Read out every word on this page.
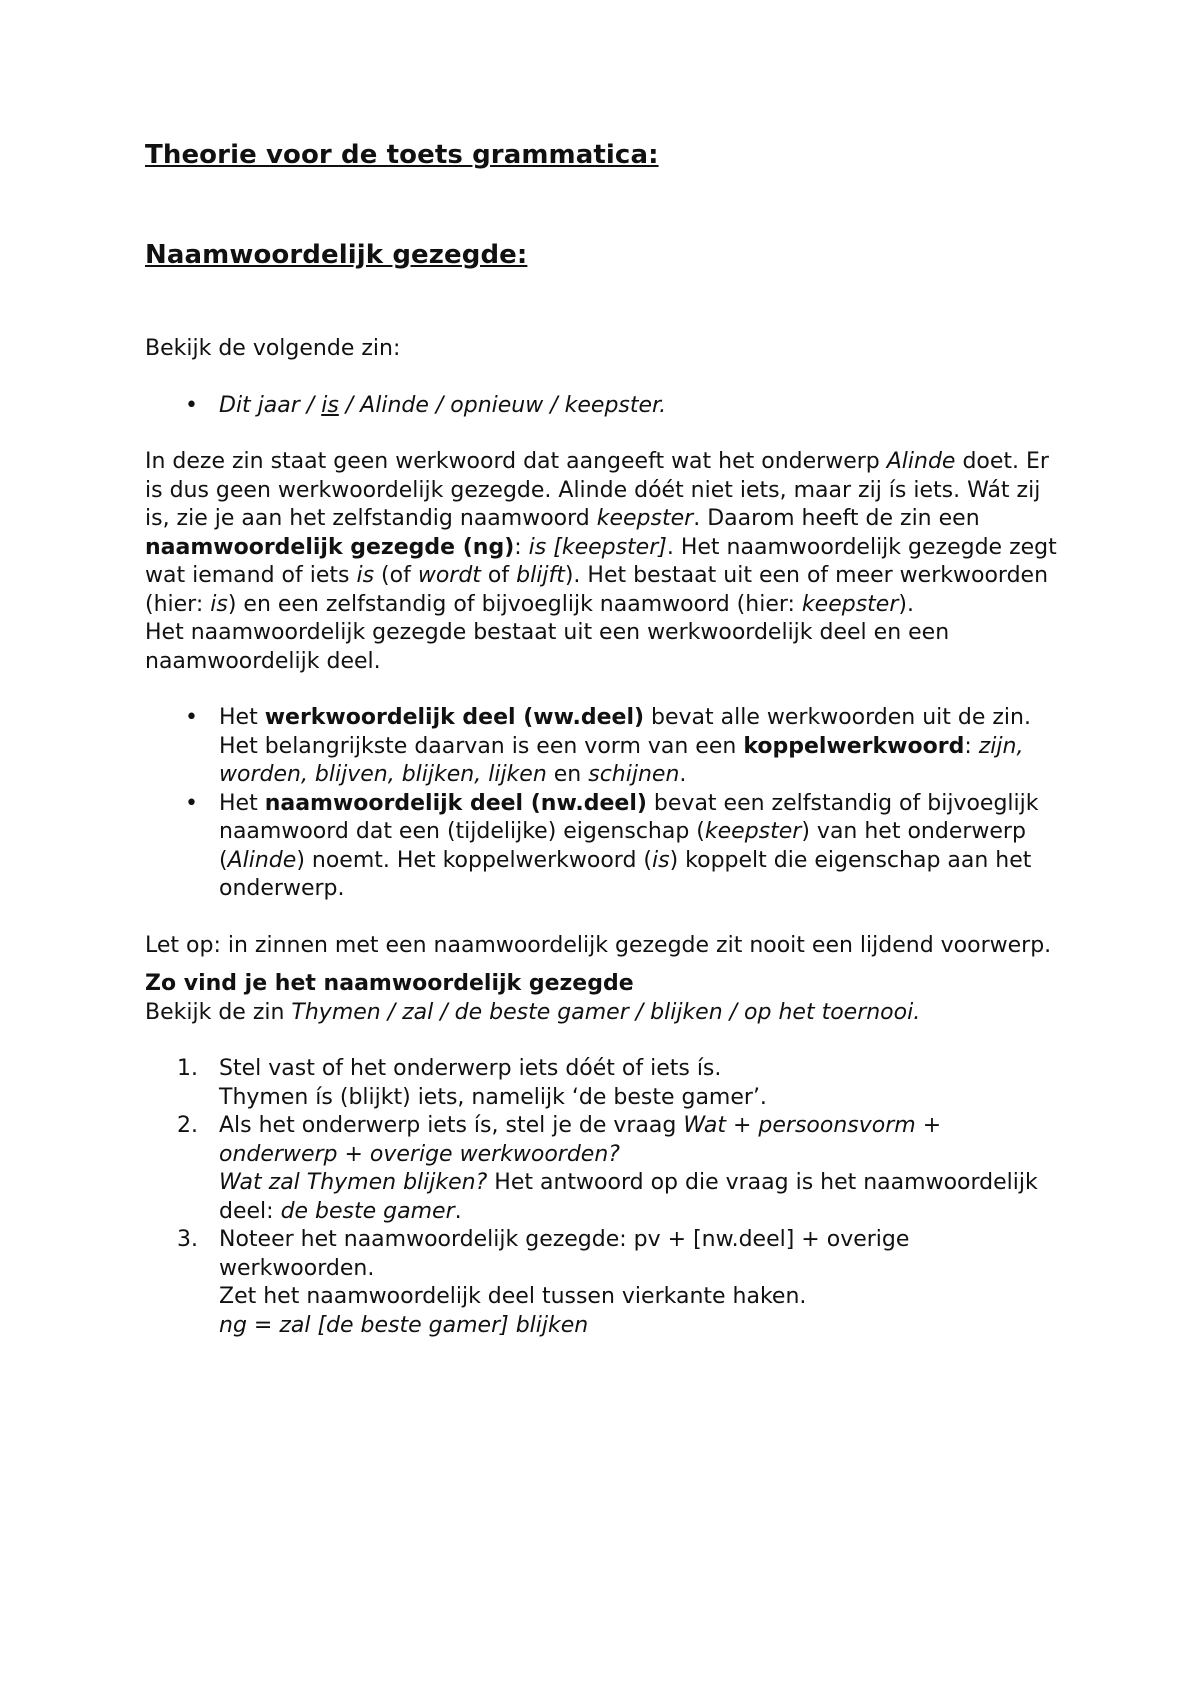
Theorie voor de toets grammatica:
Naamwoordelijk gezegde:

Bekijk de volgende zin:

• Dit jaar / is / Alinde / opnieuw / keepster.

In deze zin staat geen werkwoord dat aangeeft wat het onderwerp Alinde doet. Er is dus geen werkwoordelijk gezegde. Alinde dóét niet iets, maar zij ís iets. Wát zij is, zie je aan het zelfstandig naamwoord keepster. Daarom heeft de zin een naamwoordelijk gezegde (ng): is [keepster]. Het naamwoordelijk gezegde zegt wat iemand of iets is (of wordt of blijft). Het bestaat uit een of meer werkwoorden (hier: is) en een zelfstandig of bijvoeglijk naamwoord (hier: keepster).

Het naamwoordelijk gezegde bestaat uit een werkwoordelijk deel en een naamwoordelijk deel.

• Het werkwoordelijk deel (ww.deel) bevat alle werkwoorden uit de zin. Het belangrijkste daarvan is een vorm van een koppelwerkwoord: zijn, worden, blijven, blijken, lijken en schijnen.
• Het naamwoordelijk deel (nw.deel) bevat een zelfstandig of bijvoeglijk naamwoord dat een (tijdelijke) eigenschap (keepster) van het onderwerp (Alinde) noemt. Het koppelwerkwoord (is) koppelt die eigenschap aan het onderwerp.

Let op: in zinnen met een naamwoordelijk gezegde zit nooit een lijdend voorwerp.

Zo vind je het naamwoordelijk gezegde

Bekijk de zin Thymen / zal / de beste gamer / blijken / op het toernooi.

1. Stel vast of het onderwerp iets dóét of iets ís.
Thymen ís (blijkt) iets, namelijk ‘de beste gamer’.
2. Als het onderwerp iets ís, stel je de vraag Wat + persoonsvorm + onderwerp + overige werkwoorden?
Wat zal Thymen blijken? Het antwoord op die vraag is het naamwoordelijk deel: de beste gamer.
3. Noteer het naamwoordelijk gezegde: pv + [nw.deel] + overige werkwoorden.
Zet het naamwoordelijk deel tussen vierkante haken.
ng = zal [de beste gamer] blijken
